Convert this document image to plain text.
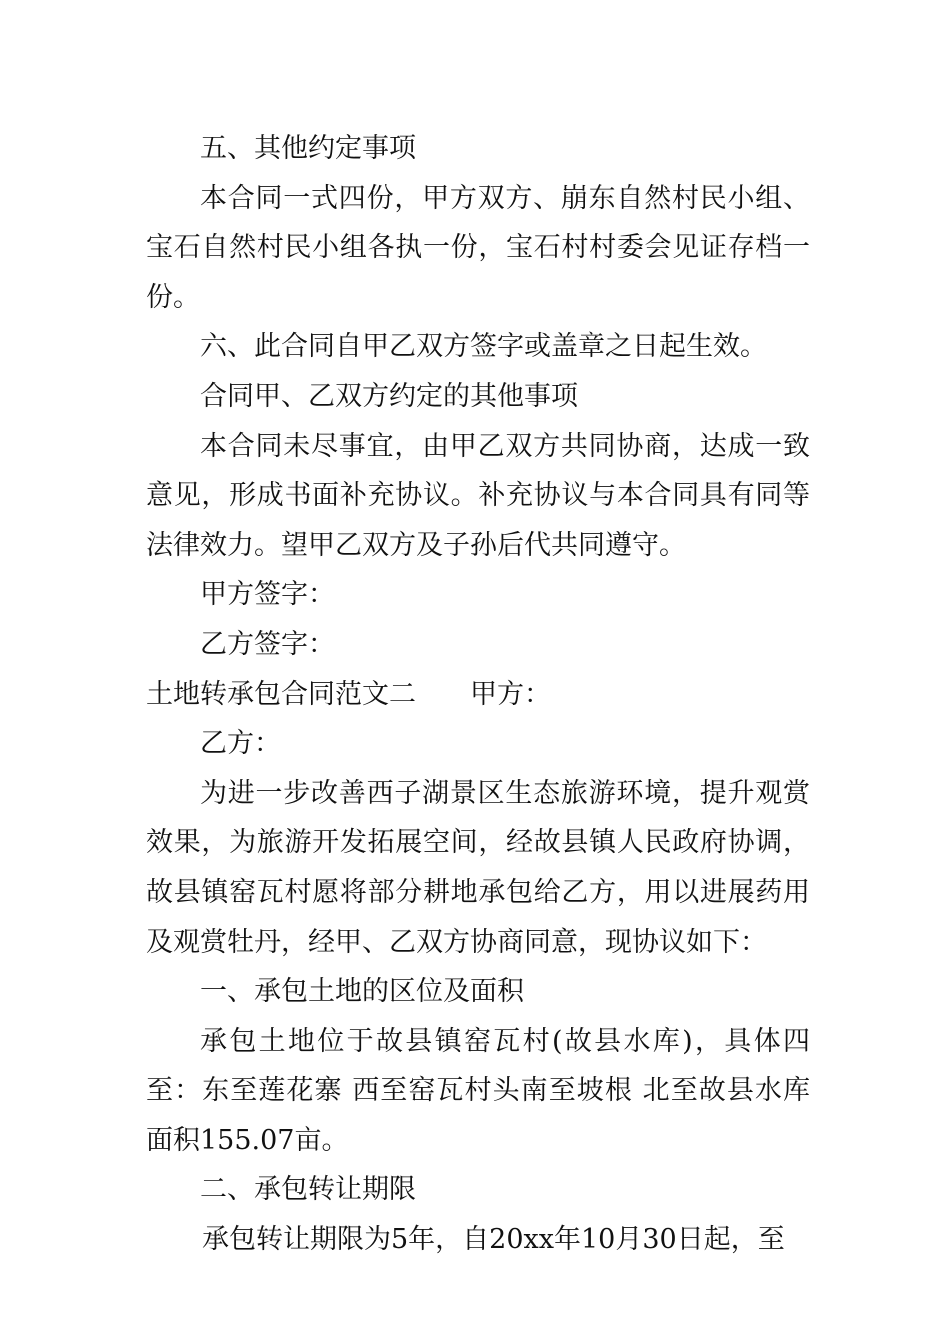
五、其他约定事项

本合同一式四份，甲方双方、崩东自然村民小组、宝石自然村民小组各执一份，宝石村村委会见证存档一份。

六、此合同自甲乙双方签字或盖章之日起生效。

合同甲、乙双方约定的其他事项

本合同未尽事宜，由甲乙双方共同协商，达成一致意见，形成书面补充协议。补充协议与本合同具有同等法律效力。望甲乙双方及子孙后代共同遵守。

甲方签字：

乙方签字：

土地转承包合同范文二 甲方：

乙方：

为进一步改善西子湖景区生态旅游环境，提升观赏效果，为旅游开发拓展空间，经故县镇人民政府协调，故县镇窑瓦村愿将部分耕地承包给乙方，用以进展药用及观赏牡丹，经甲、乙双方协商同意，现协议如下：

一、承包土地的区位及面积

承包土地位于故县镇窑瓦村(故县水库)，具体四至：东至莲花寨 西至窑瓦村头南至坡根 北至故县水库面积155.07亩。

二、承包转让期限

承包转让期限为5年，自20xx年10月30日起，至
